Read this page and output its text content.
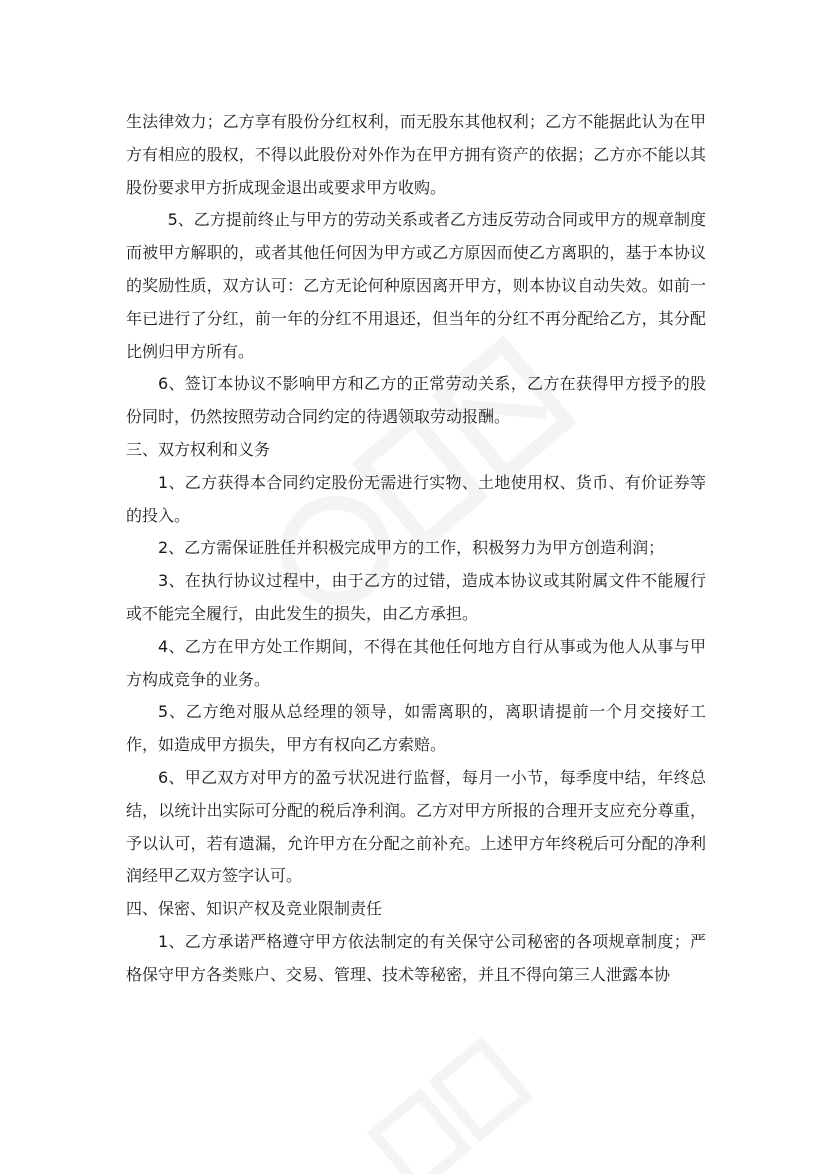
生法律效力；乙方享有股份分红权利，而无股东其他权利；乙方不能据此认为在甲方有相应的股权，不得以此股份对外作为在甲方拥有资产的依据；乙方亦不能以其股份要求甲方折成现金退出或要求甲方收购。

5、乙方提前终止与甲方的劳动关系或者乙方违反劳动合同或甲方的规章制度而被甲方解职的，或者其他任何因为甲方或乙方原因而使乙方离职的，基于本协议的奖励性质，双方认可：乙方无论何种原因离开甲方，则本协议自动失效。如前一年已进行了分红，前一年的分红不用退还，但当年的分红不再分配给乙方，其分配比例归甲方所有。

6、签订本协议不影响甲方和乙方的正常劳动关系，乙方在获得甲方授予的股份同时，仍然按照劳动合同约定的待遇领取劳动报酬。

三、双方权利和义务

1、乙方获得本合同约定股份无需进行实物、土地使用权、货币、有价证券等的投入。

2、乙方需保证胜任并积极完成甲方的工作，积极努力为甲方创造利润；

3、在执行协议过程中，由于乙方的过错，造成本协议或其附属文件不能履行或不能完全履行，由此发生的损失，由乙方承担。

4、乙方在甲方处工作期间，不得在其他任何地方自行从事或为他人从事与甲方构成竞争的业务。

5、乙方绝对服从总经理的领导，如需离职的，离职请提前一个月交接好工作，如造成甲方损失，甲方有权向乙方索赔。

6、甲乙双方对甲方的盈亏状况进行监督，每月一小节，每季度中结，年终总结，以统计出实际可分配的税后净利润。乙方对甲方所报的合理开支应充分尊重，予以认可，若有遗漏，允许甲方在分配之前补充。上述甲方年终税后可分配的净利润经甲乙双方签字认可。

四、保密、知识产权及竞业限制责任

1、乙方承诺严格遵守甲方依法制定的有关保守公司秘密的各项规章制度；严格保守甲方各类账户、交易、管理、技术等秘密，并且不得向第三人泄露本协
